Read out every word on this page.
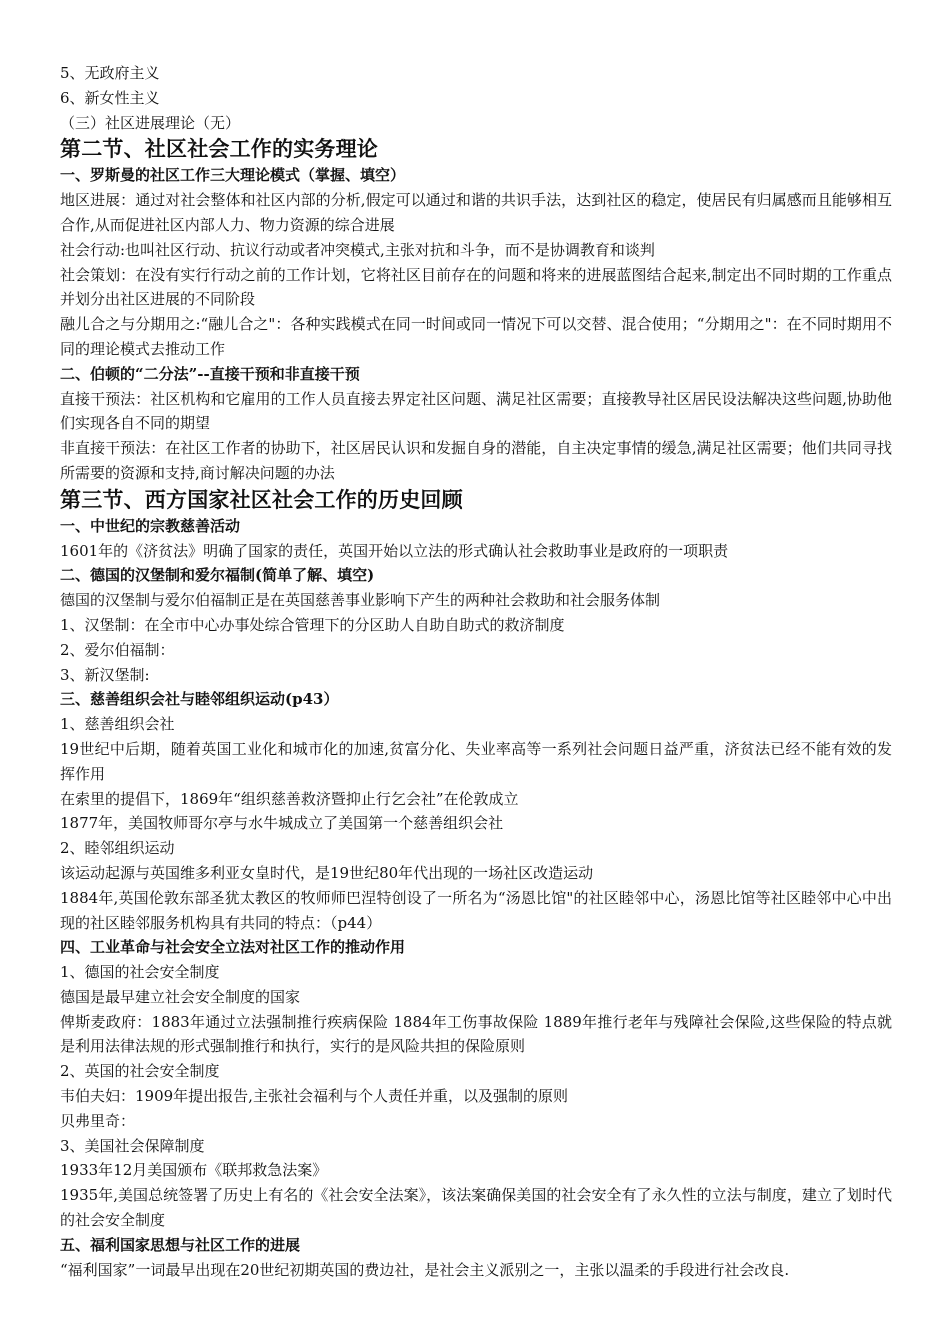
5、无政府主义
6、新女性主义
（三）社区进展理论（无）
第二节、社区社会工作的实务理论
一、罗斯曼的社区工作三大理论模式（掌握、填空）
地区进展：通过对社会整体和社区内部的分析,假定可以通过和谐的共识手法，达到社区的稳定，使居民有归属感而且能够相互合作,从而促进社区内部人力、物力资源的综合进展
社会行动:也叫社区行动、抗议行动或者冲突模式,主张对抗和斗争，而不是协调教育和谈判
社会策划：在没有实行行动之前的工作计划，它将社区目前存在的问题和将来的进展蓝图结合起来,制定出不同时期的工作重点并划分出社区进展的不同阶段
融儿合之与分期用之:“融儿合之"：各种实践模式在同一时间或同一情况下可以交替、混合使用；“分期用之"：在不同时期用不同的理论模式去推动工作
二、伯顿的“二分法”--直接干预和非直接干预
直接干预法：社区机构和它雇用的工作人员直接去界定社区问题、满足社区需要；直接教导社区居民设法解决这些问题,协助他们实现各自不同的期望
非直接干预法：在社区工作者的协助下，社区居民认识和发掘自身的潜能，自主决定事情的缓急,满足社区需要；他们共同寻找所需要的资源和支持,商讨解决问题的办法
第三节、西方国家社区社会工作的历史回顾
一、中世纪的宗教慈善活动
1601年的《济贫法》明确了国家的责任，英国开始以立法的形式确认社会救助事业是政府的一项职责
二、德国的汉堡制和爱尔福制(简单了解、填空)
德国的汉堡制与爱尔伯福制正是在英国慈善事业影响下产生的两种社会救助和社会服务体制
1、汉堡制：在全市中心办事处综合管理下的分区助人自助自助式的救济制度
2、爱尔伯福制：
3、新汉堡制:
三、慈善组织会社与睦邻组织运动(p43）
1、慈善组织会社
19世纪中后期，随着英国工业化和城市化的加速,贫富分化、失业率高等一系列社会问题日益严重，济贫法已经不能有效的发挥作用
在索里的提倡下，1869年“组织慈善救济暨抑止行乞会社”在伦敦成立
1877年，美国牧师哥尔亭与水牛城成立了美国第一个慈善组织会社
2、睦邻组织运动
该运动起源与英国维多利亚女皇时代，是19世纪80年代出现的一场社区改造运动
1884年,英国伦敦东部圣犹太教区的牧师师巴涅特创设了一所名为“汤恩比馆"的社区睦邻中心，汤恩比馆等社区睦邻中心中出现的社区睦邻服务机构具有共同的特点：（p44）
四、工业革命与社会安全立法对社区工作的推动作用
1、德国的社会安全制度
德国是最早建立社会安全制度的国家
俾斯麦政府：1883年通过立法强制推行疾病保险 1884年工伤事故保险 1889年推行老年与残障社会保险,这些保险的特点就是利用法律法规的形式强制推行和执行，实行的是风险共担的保险原则
2、英国的社会安全制度
韦伯夫妇：1909年提出报告,主张社会福利与个人责任并重，以及强制的原则
贝弗里奇：
3、美国社会保障制度
1933年12月美国颁布《联邦救急法案》
1935年,美国总统签署了历史上有名的《社会安全法案》，该法案确保美国的社会安全有了永久性的立法与制度，建立了划时代的社会安全制度
五、福利国家思想与社区工作的进展
“福利国家”一词最早出现在20世纪初期英国的费边社，是社会主义派别之一，主张以温柔的手段进行社会改良.
